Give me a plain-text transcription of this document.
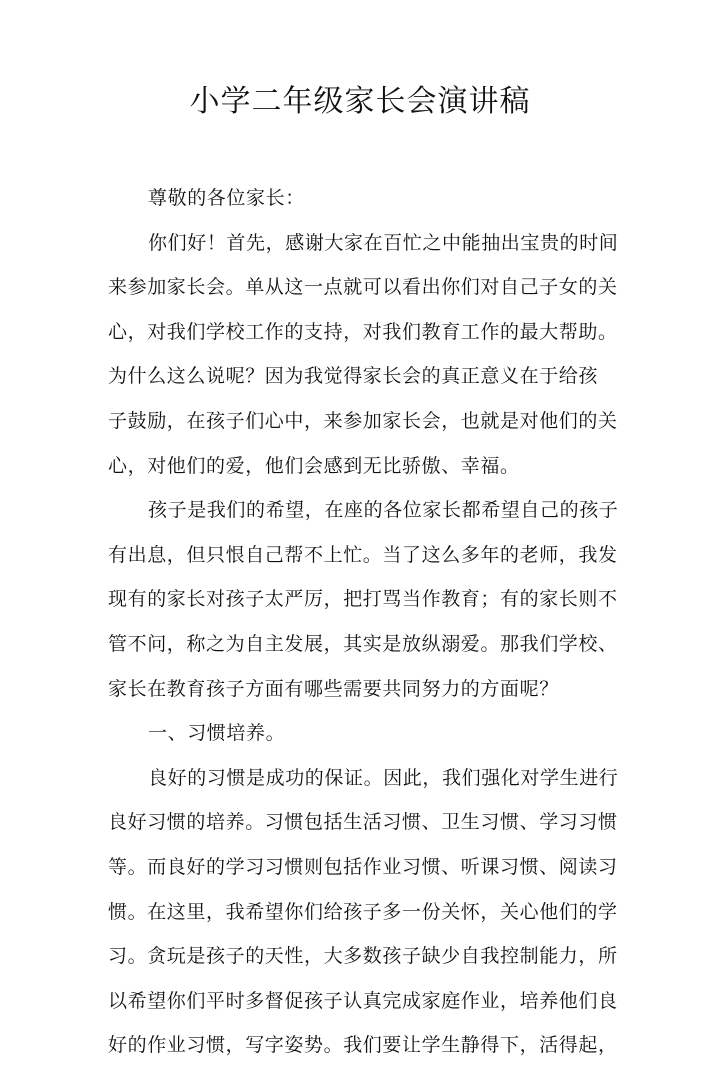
小学二年级家长会演讲稿
尊敬的各位家长：
你们好！首先，感谢大家在百忙之中能抽出宝贵的时间
来参加家长会。单从这一点就可以看出你们对自己子女的关
心，对我们学校工作的支持，对我们教育工作的最大帮助。
为什么这么说呢？因为我觉得家长会的真正意义在于给孩
子鼓励，在孩子们心中，来参加家长会，也就是对他们的关
心，对他们的爱，他们会感到无比骄傲、幸福。
孩子是我们的希望，在座的各位家长都希望自己的孩子
有出息，但只恨自己帮不上忙。当了这么多年的老师，我发
现有的家长对孩子太严厉，把打骂当作教育；有的家长则不
管不问，称之为自主发展，其实是放纵溺爱。那我们学校、
家长在教育孩子方面有哪些需要共同努力的方面呢？
一、习惯培养。
良好的习惯是成功的保证。因此，我们强化对学生进行
良好习惯的培养。习惯包括生活习惯、卫生习惯、学习习惯
等。而良好的学习习惯则包括作业习惯、听课习惯、阅读习
惯。在这里，我希望你们给孩子多一份关怀，关心他们的学
习。贪玩是孩子的天性，大多数孩子缺少自我控制能力，所
以希望你们平时多督促孩子认真完成家庭作业，培养他们良
好的作业习惯，写字姿势。我们要让学生静得下，活得起，
